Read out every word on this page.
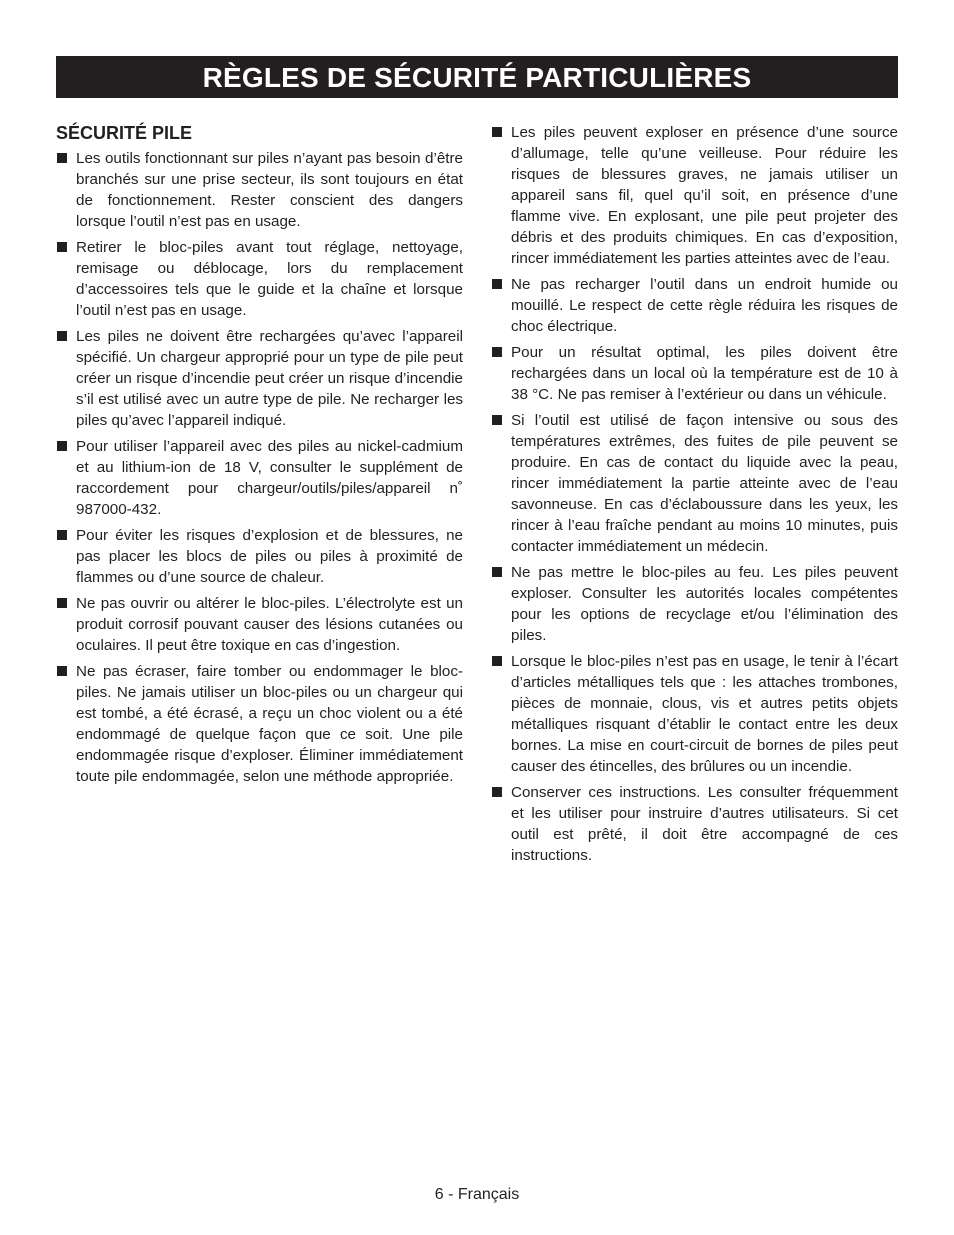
RÈGLES DE SÉCURITÉ PARTICULIÈRES
SÉCURITÉ PILE
Les outils fonctionnant sur piles n’ayant pas besoin d’être branchés sur une prise secteur, ils sont toujours en état de fonctionnement. Rester conscient des dangers lorsque l’outil n’est pas en usage.
Retirer le bloc-piles avant tout réglage, nettoyage, remisage ou déblocage, lors du remplacement d’accessoires tels que le guide et la chaîne et lorsque l’outil n’est pas en usage.
Les piles ne doivent être rechargées qu’avec l’appareil spécifié. Un chargeur approprié pour un type de pile peut créer un risque d’incendie peut créer un risque d’incendie s’il est utilisé avec un autre type de pile. Ne recharger les piles qu’avec l’appareil indiqué.
Pour utiliser l’appareil avec des piles au nickel-cadmium et au lithium-ion de 18 V, consulter le supplément de raccordement pour chargeur/outils/piles/appareil n˚ 987000-432.
Pour éviter les risques d’explosion et de blessures, ne pas placer les blocs de piles ou piles à proximité de flammes ou d’une source de chaleur.
Ne pas ouvrir ou altérer le bloc-piles. L’électrolyte est un produit corrosif pouvant causer des lésions cutanées ou oculaires. Il peut être toxique en cas d’ingestion.
Ne pas écraser, faire tomber ou endommager le bloc-piles. Ne jamais utiliser un bloc-piles ou un chargeur qui est tombé, a été écrasé, a reçu un choc violent ou a été endommagé de quelque façon que ce soit. Une pile endommagée risque d’exploser. Éliminer immédiatement toute pile endommagée, selon une méthode appropriée.
Les piles peuvent exploser en présence d’une source d’allumage, telle qu’une veilleuse. Pour réduire les risques de blessures graves, ne jamais utiliser un appareil sans fil, quel qu’il soit, en présence d’une flamme vive. En explosant, une pile peut projeter des débris et des produits chimiques. En cas d’exposition, rincer immédiatement les parties atteintes avec de l’eau.
Ne pas recharger l’outil dans un endroit humide ou mouillé. Le respect de cette règle réduira les risques de choc électrique.
Pour un résultat optimal, les piles doivent être rechargées dans un local où la température est de 10 à 38 °C. Ne pas remiser à l’extérieur ou dans un véhicule.
Si l’outil est utilisé de façon intensive ou sous des températures extrêmes, des fuites de pile peuvent se produire. En cas de contact du liquide avec la peau, rincer immédiatement la partie atteinte avec de l’eau savonneuse. En cas d’éclaboussure dans les yeux, les rincer à l’eau fraîche pendant au moins 10 minutes, puis contacter immédiatement un médecin.
Ne pas mettre le bloc-piles au feu. Les piles peuvent exploser. Consulter les autorités locales compétentes pour les options de recyclage et/ou l’élimination des piles.
Lorsque le bloc-piles n’est pas en usage, le tenir à l’écart d’articles métalliques tels que : les attaches trombones, pièces de monnaie, clous, vis et autres petits objets métalliques risquant d’établir le contact entre les deux bornes. La mise en court-circuit de bornes de piles peut causer des étincelles, des brûlures ou un incendie.
Conserver ces instructions. Les consulter fréquemment et les utiliser pour instruire d’autres utilisateurs. Si cet outil est prêté, il doit être accompagné de ces instructions.
6 - Français
